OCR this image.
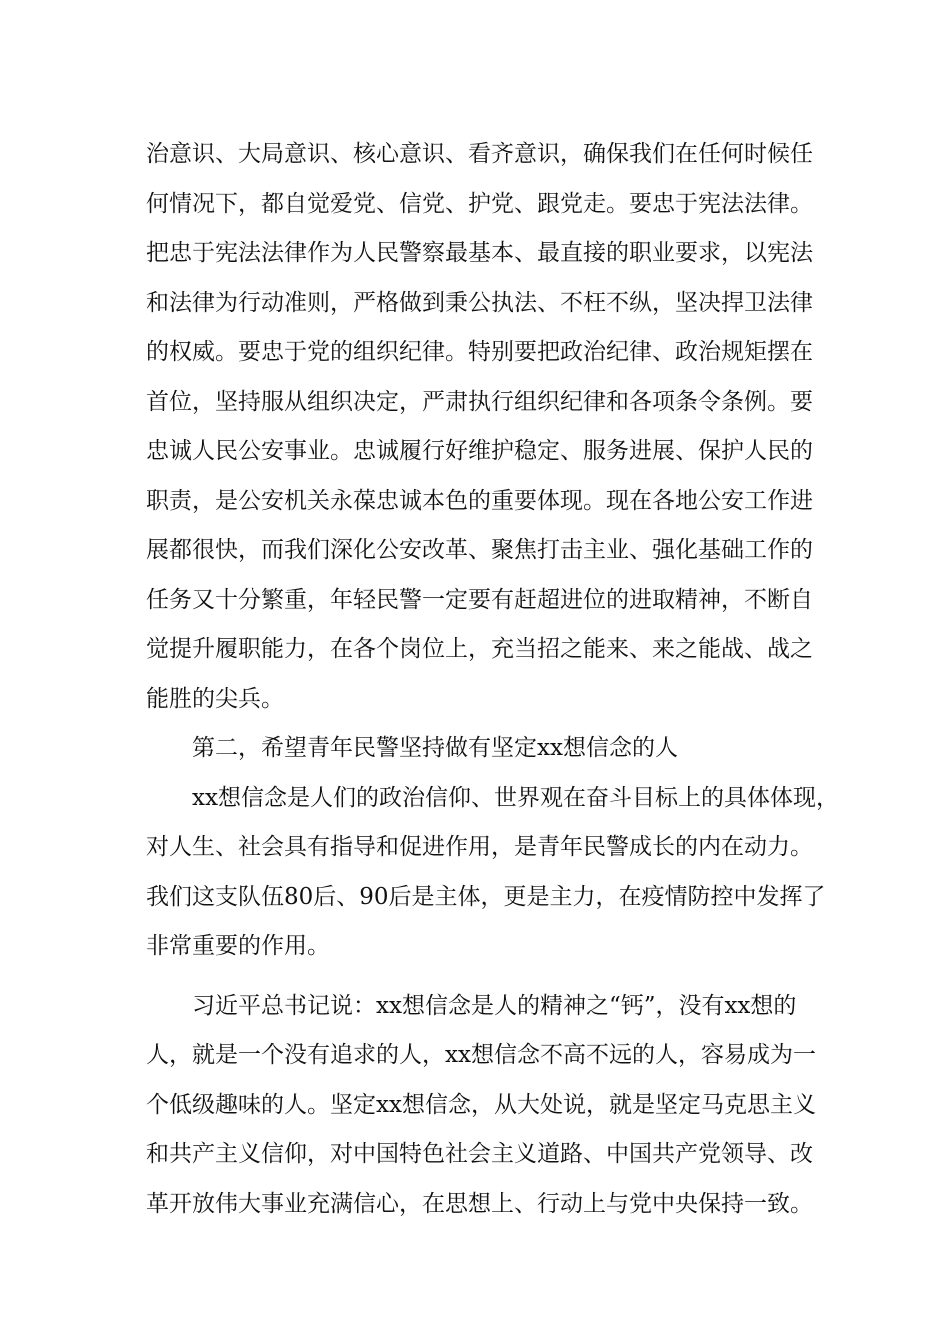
治意识、大局意识、核心意识、看齐意识，确保我们在任何时候任
何情况下，都自觉爱党、信党、护党、跟党走。要忠于宪法法律。
把忠于宪法法律作为人民警察最基本、最直接的职业要求，以宪法
和法律为行动准则，严格做到秉公执法、不枉不纵，坚决捍卫法律
的权威。要忠于党的组织纪律。特别要把政治纪律、政治规矩摆在
首位，坚持服从组织决定，严肃执行组织纪律和各项条令条例。要
忠诚人民公安事业。忠诚履行好维护稳定、服务进展、保护人民的
职责，是公安机关永葆忠诚本色的重要体现。现在各地公安工作进
展都很快，而我们深化公安改革、聚焦打击主业、强化基础工作的
任务又十分繁重，年轻民警一定要有赶超进位的进取精神，不断自
觉提升履职能力，在各个岗位上，充当招之能来、来之能战、战之
能胜的尖兵。
第二，希望青年民警坚持做有坚定xx想信念的人
xx想信念是人们的政治信仰、世界观在奋斗目标上的具体体现，
对人生、社会具有指导和促进作用，是青年民警成长的内在动力。
我们这支队伍80后、90后是主体，更是主力，在疫情防控中发挥了
非常重要的作用。
习近平总书记说：xx想信念是人的精神之“钙”，没有xx想的
人，就是一个没有追求的人，xx想信念不高不远的人，容易成为一
个低级趣味的人。坚定xx想信念，从大处说，就是坚定马克思主义
和共产主义信仰，对中国特色社会主义道路、中国共产党领导、改
革开放伟大事业充满信心，在思想上、行动上与党中央保持一致。
